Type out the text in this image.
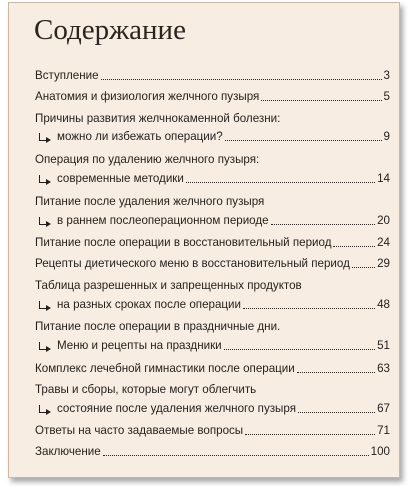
Содержание
Вступление	3
Анатомия и физиология желчного пузыря	5
Причины развития желчнокаменной болезни:
можно ли избежать операции?	9
Операция по удалению желчного пузыря:
современные методики	14
Питание после удаления желчного пузыря
в раннем послеоперационном периоде	20
Питание после операции в восстановительный период	24
Рецепты диетического меню в восстановительный период 29
Таблица разрешенных и запрещенных продуктов
на разных сроках после операции	48
Питание после операции в праздничные дни.
Меню и рецепты на праздники	51
Комплекс лечебной гимнастики после операции	63
Травы и сборы, которые могут облегчить
состояние после удаления желчного пузыря	67
Ответы на часто задаваемые вопросы	71
Заключение	100
